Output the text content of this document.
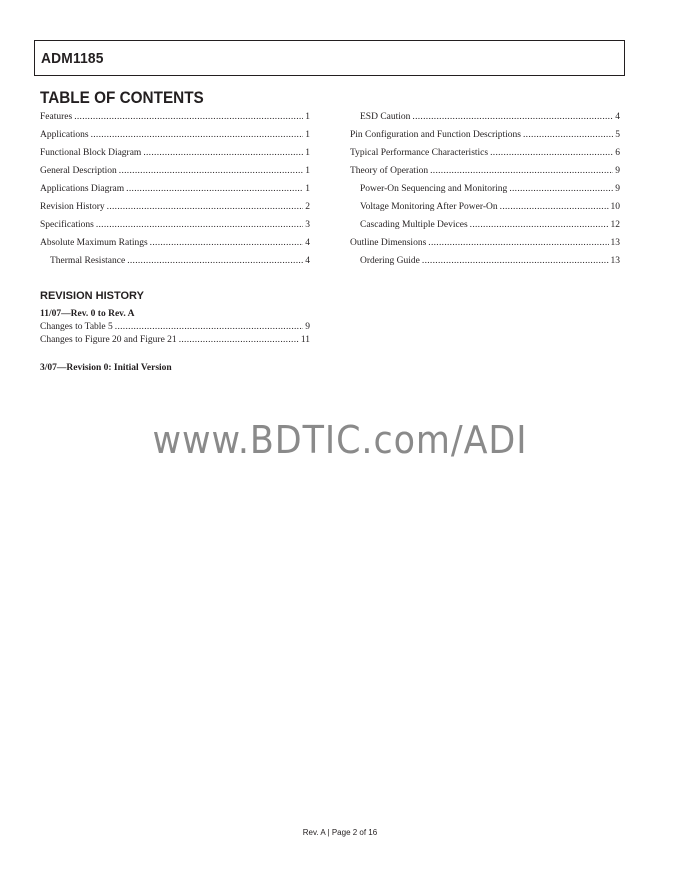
ADM1185
TABLE OF CONTENTS
Features .....	1
Applications .....	1
Functional Block Diagram .....	1
General Description .....	1
Applications Diagram .....	1
Revision History .....	2
Specifications .....	3
Absolute Maximum Ratings .....	4
Thermal Resistance .....	4
ESD Caution .....	4
Pin Configuration and Function Descriptions .....	5
Typical Performance Characteristics .....	6
Theory of Operation .....	9
Power-On Sequencing and Monitoring .....	9
Voltage Monitoring After Power-On .....	10
Cascading Multiple Devices .....	12
Outline Dimensions .....	13
Ordering Guide .....	13
REVISION HISTORY
11/07—Rev. 0 to Rev. A
Changes to Table 5 .....	9
Changes to Figure 20 and Figure 21 .....	11
3/07—Revision 0: Initial Version
www.BDTIC.com/ADI
Rev. A | Page 2 of 16
